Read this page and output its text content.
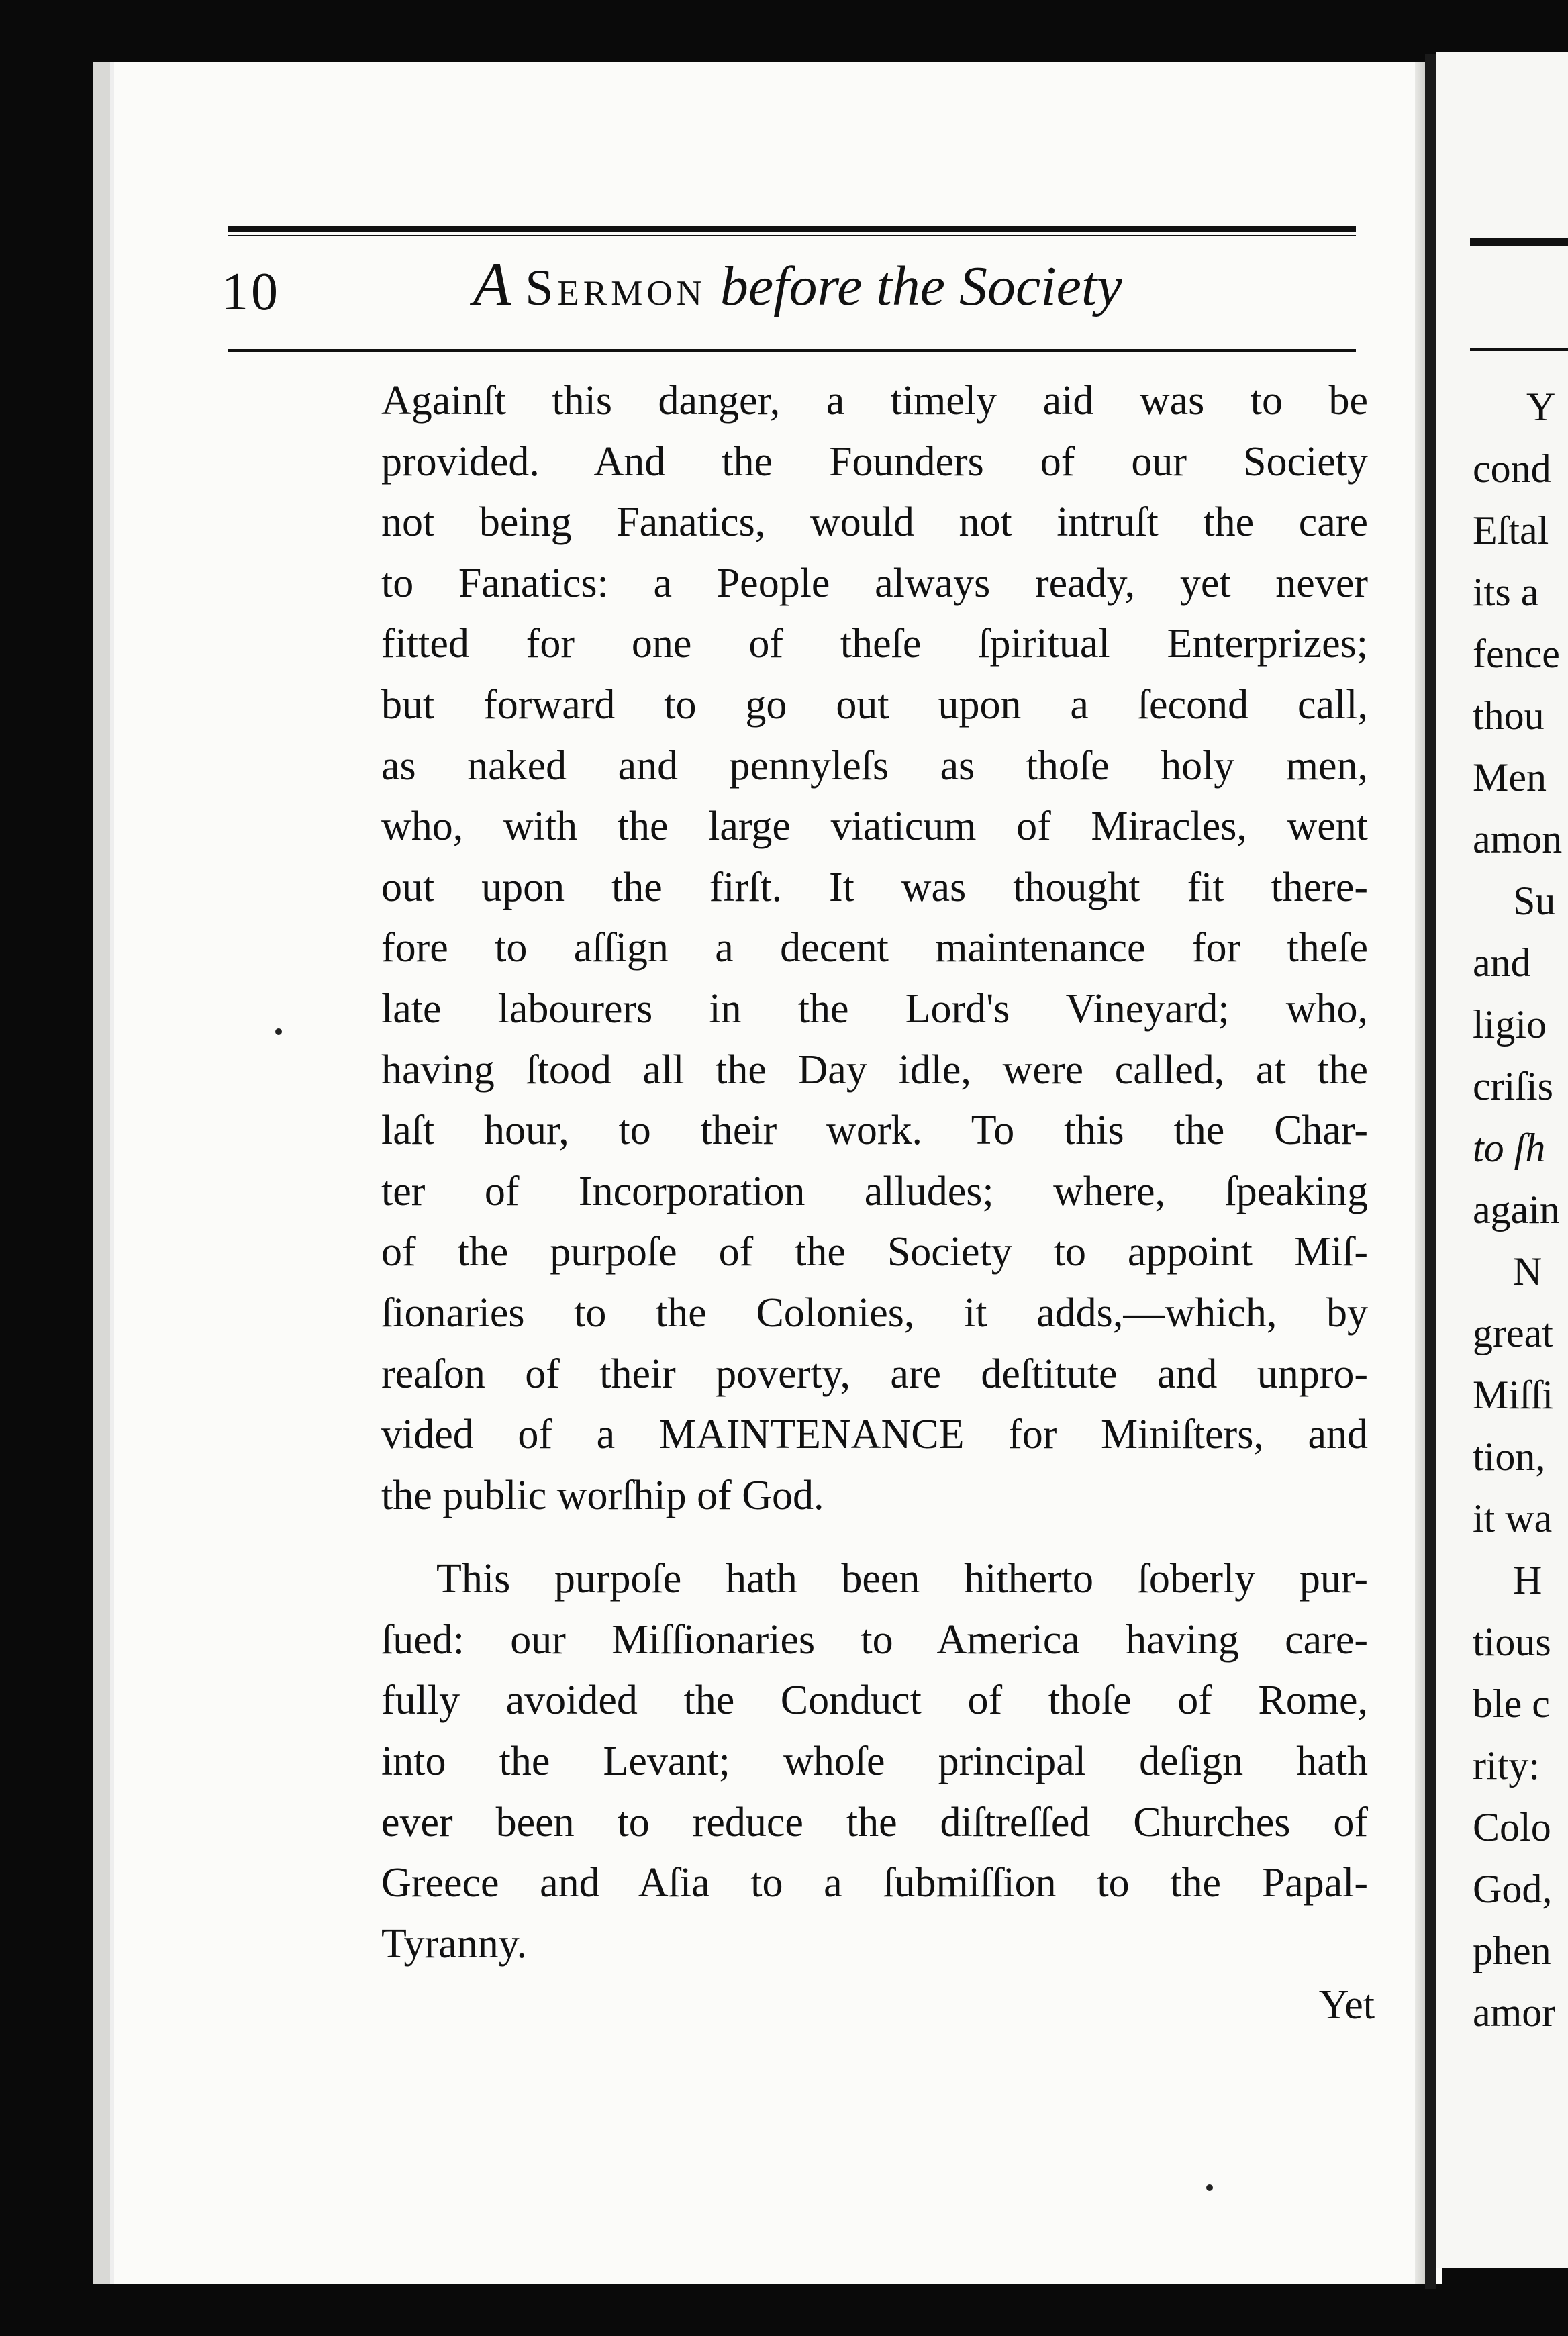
10	A Sermon before the Society
Againſt this danger, a timely aid was to be
provided. And the Founders of our Society
not being Fanatics, would not intruſt the care
to Fanatics: a People always ready, yet never
fitted for one of theſe ſpiritual Enterprizes;
but forward to go out upon a ſecond call,
as naked and pennyleſs as thoſe holy men,
who, with the large viaticum of Miracles, went
out upon the firſt. It was thought fit there-
fore to aſſign a decent maintenance for theſe
late labourers in the Lord's Vineyard; who,
having ſtood all the Day idle, were called, at the
laſt hour, to their work. To this the Char-
ter of Incorporation alludes; where, ſpeaking
of the purpoſe of the Society to appoint Miſ-
ſionaries to the Colonies, it adds,—which, by
reaſon of their poverty, are deſtitute and unpro-
vided of a MAINTENANCE for Miniſters, and
the public worſhip of God.
This purpoſe hath been hitherto ſoberly pur-
ſued: our Miſſionaries to America having care-
fully avoided the Conduct of thoſe of Rome,
into the Levant; whoſe principal deſign hath
ever been to reduce the diſtreſſed Churches of
Greece and Aſia to a ſubmiſſion to the Papal-
Tyranny.
Yet
Y
cond
Eſtal
its a
fence
thou
Men
amon
Su
and
ligio
criſis
to ſh
again
N
great
Miſſi
tion,
it wa
H
tious
ble c
rity:
Colo
God,
phen
amor
